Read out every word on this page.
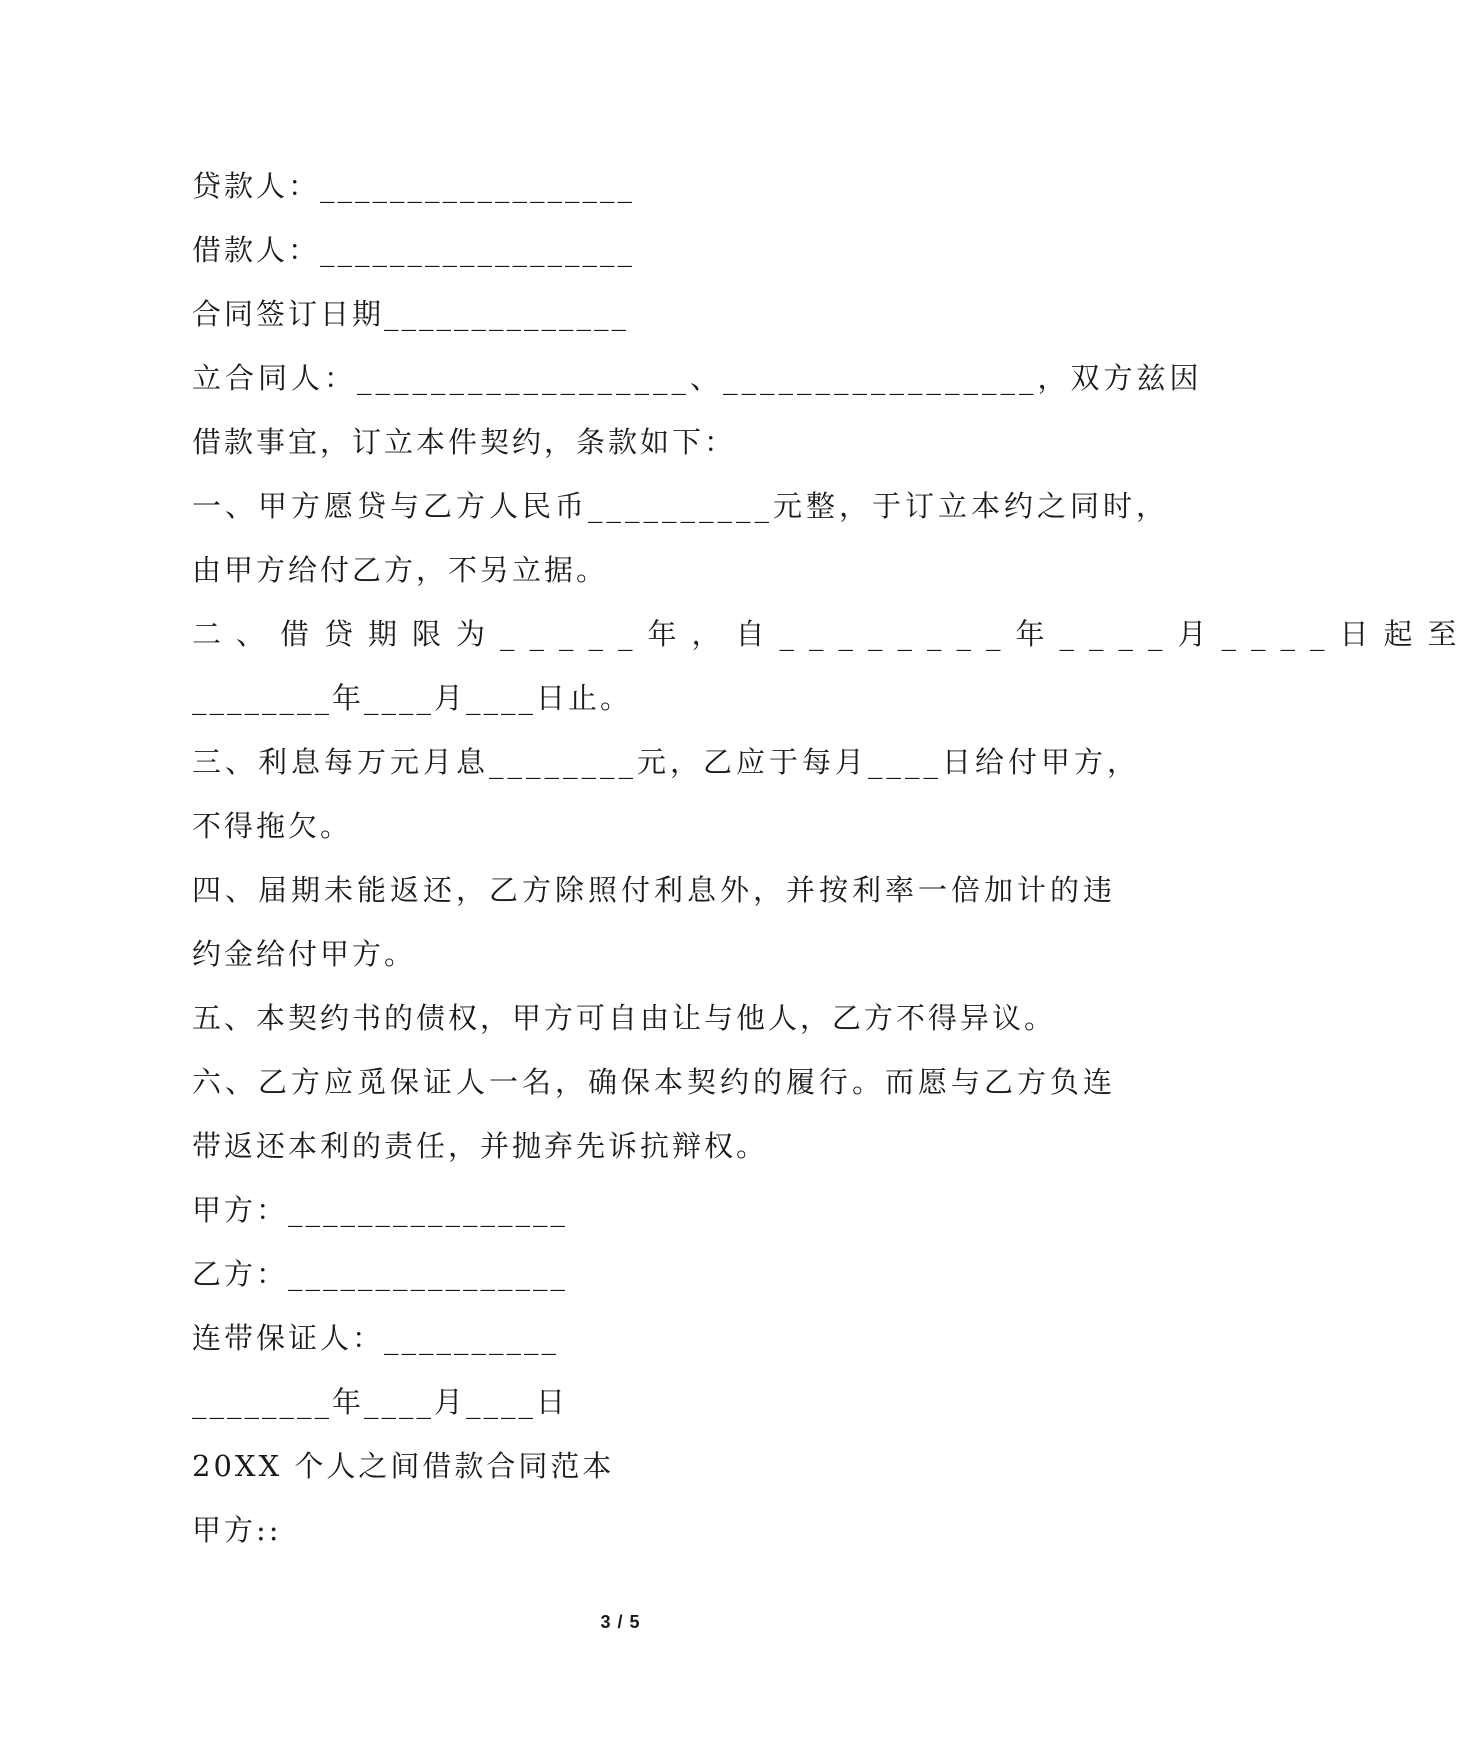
贷款人：__________________
借款人：__________________
合同签订日期______________
立合同人：__________________、_________________，双方兹因
借款事宜，订立本件契约，条款如下：
一、甲方愿贷与乙方人民币__________元整，于订立本约之同时，
由甲方给付乙方，不另立据。
二、借贷期限为_____年，自________年____月____日起至
________年____月____日止。
三、利息每万元月息________元，乙应于每月____日给付甲方，
不得拖欠。
四、届期未能返还，乙方除照付利息外，并按利率一倍加计的违
约金给付甲方。
五、本契约书的债权，甲方可自由让与他人，乙方不得异议。
六、乙方应觅保证人一名，确保本契约的履行。而愿与乙方负连
带返还本利的责任，并抛弃先诉抗辩权。
甲方：________________
乙方：________________
连带保证人：__________
________年____月____日
20XX 个人之间借款合同范本
甲方::
3 / 5
